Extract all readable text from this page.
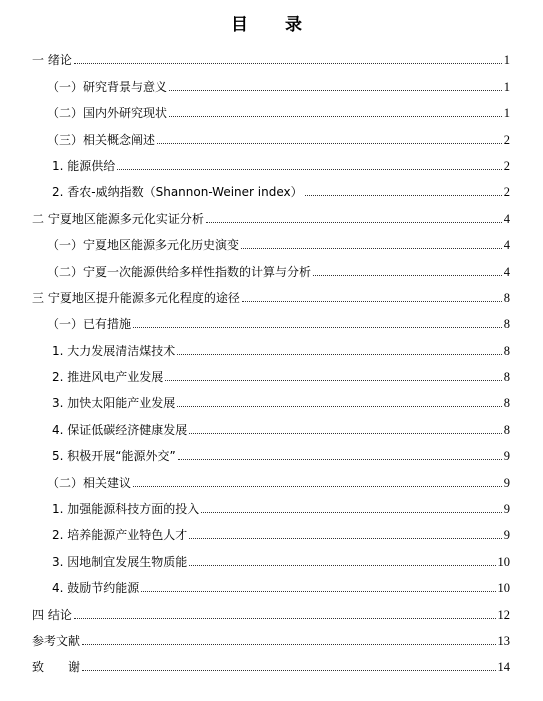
目　录
一 绪论	1
（一）研究背景与意义	1
（二）国内外研究现状	1
（三）相关概念阐述	2
1. 能源供给	2
2. 香农-威纳指数（Shannon-Weiner index）	2
二 宁夏地区能源多元化实证分析	4
（一）宁夏地区能源多元化历史演变	4
（二）宁夏一次能源供给多样性指数的计算与分析	4
三 宁夏地区提升能源多元化程度的途径	8
（一）已有措施	8
1. 大力发展清洁煤技术	8
2. 推进风电产业发展	8
3. 加快太阳能产业发展	8
4. 保证低碳经济健康发展	8
5. 积极开展“能源外交”	9
（二）相关建议	9
1. 加强能源科技方面的投入	9
2. 培养能源产业特色人才	9
3. 因地制宜发展生物质能	10
4. 鼓励节约能源	10
四 结论	12
参考文献	13
致　　谢	14
